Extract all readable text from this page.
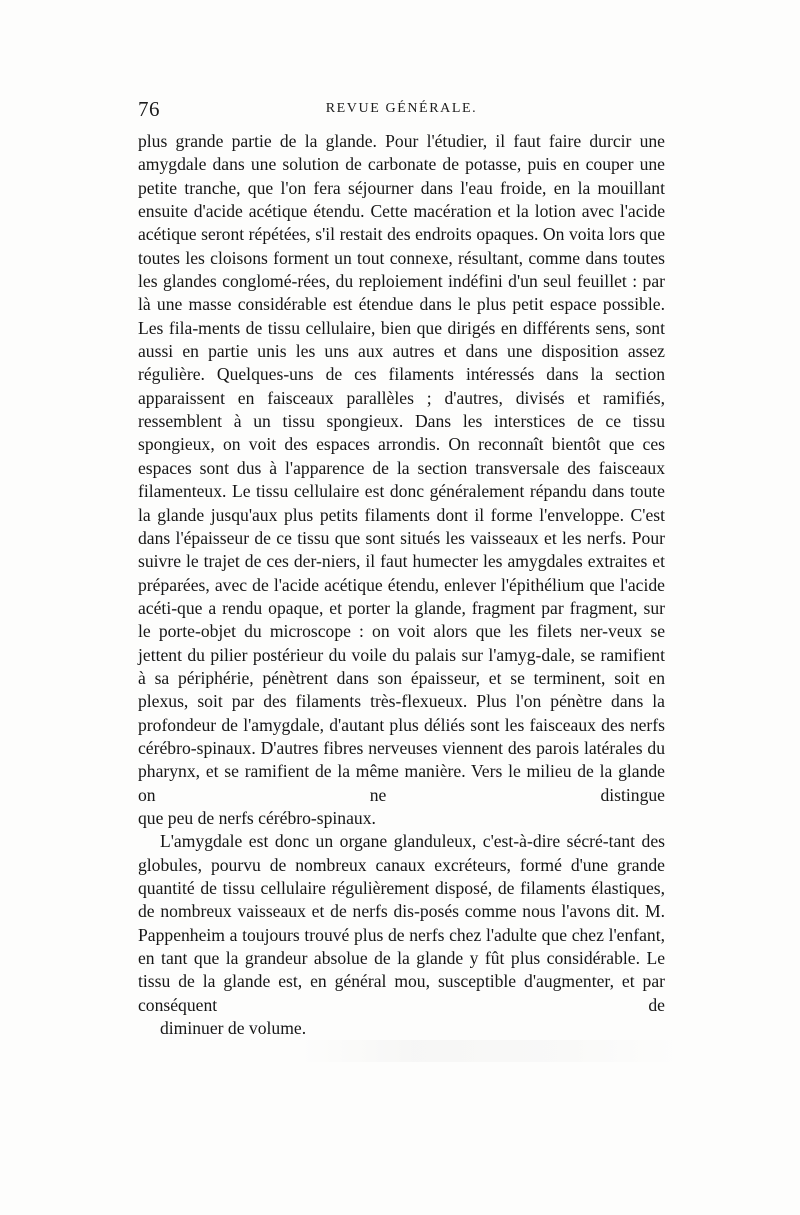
76	REVUE GÉNÉRALE.

plus grande partie de la glande. Pour l'étudier, il faut faire durcir une amygdale dans une solution de carbonate de potasse, puis en couper une petite tranche, que l'on fera séjourner dans l'eau froide, en la mouillant ensuite d'acide acétique étendu. Cette macération et la lotion avec l'acide acétique seront répétées, s'il restait des endroits opaques. On voita lors que toutes les cloisons forment un tout connexe, résultant, comme dans toutes les glandes conglomé-rées, du reploiement indéfini d'un seul feuillet : par là une masse considérable est étendue dans le plus petit espace possible. Les fila-ments de tissu cellulaire, bien que dirigés en différents sens, sont aussi en partie unis les uns aux autres et dans une disposition assez régulière. Quelques-uns de ces filaments intéressés dans la section apparaissent en faisceaux parallèles ; d'autres, divisés et ramifiés, ressemblent à un tissu spongieux. Dans les interstices de ce tissu spongieux, on voit des espaces arrondis. On reconnaît bientôt que ces espaces sont dus à l'apparence de la section transversale des faisceaux filamenteux. Le tissu cellulaire est donc généralement répandu dans toute la glande jusqu'aux plus petits filaments dont il forme l'enveloppe. C'est dans l'épaisseur de ce tissu que sont situés les vaisseaux et les nerfs. Pour suivre le trajet de ces der-niers, il faut humecter les amygdales extraites et préparées, avec de l'acide acétique étendu, enlever l'épithélium que l'acide acéti-que a rendu opaque, et porter la glande, fragment par fragment, sur le porte-objet du microscope : on voit alors que les filets ner-veux se jettent du pilier postérieur du voile du palais sur l'amyg-dale, se ramifient à sa périphérie, pénètrent dans son épaisseur, et se terminent, soit en plexus, soit par des filaments très-flexueux. Plus l'on pénètre dans la profondeur de l'amygdale, d'autant plus déliés sont les faisceaux des nerfs cérébro-spinaux. D'autres fibres nerveuses viennent des parois latérales du pharynx, et se ramifient de la même manière. Vers le milieu de la glande on ne distingue
que peu de nerfs cérébro-spinaux.

L'amygdale est donc un organe glanduleux, c'est-à-dire sécré-tant des globules, pourvu de nombreux canaux excréteurs, formé d'une grande quantité de tissu cellulaire régulièrement disposé, de filaments élastiques, de nombreux vaisseaux et de nerfs dis-posés comme nous l'avons dit. M. Pappenheim a toujours trouvé plus de nerfs chez l'adulte que chez l'enfant, en tant que la grandeur absolue de la glande y fût plus considérable. Le tissu de la glande est, en général mou, susceptible d'augmenter, et par conséquent de
diminuer de volume.
